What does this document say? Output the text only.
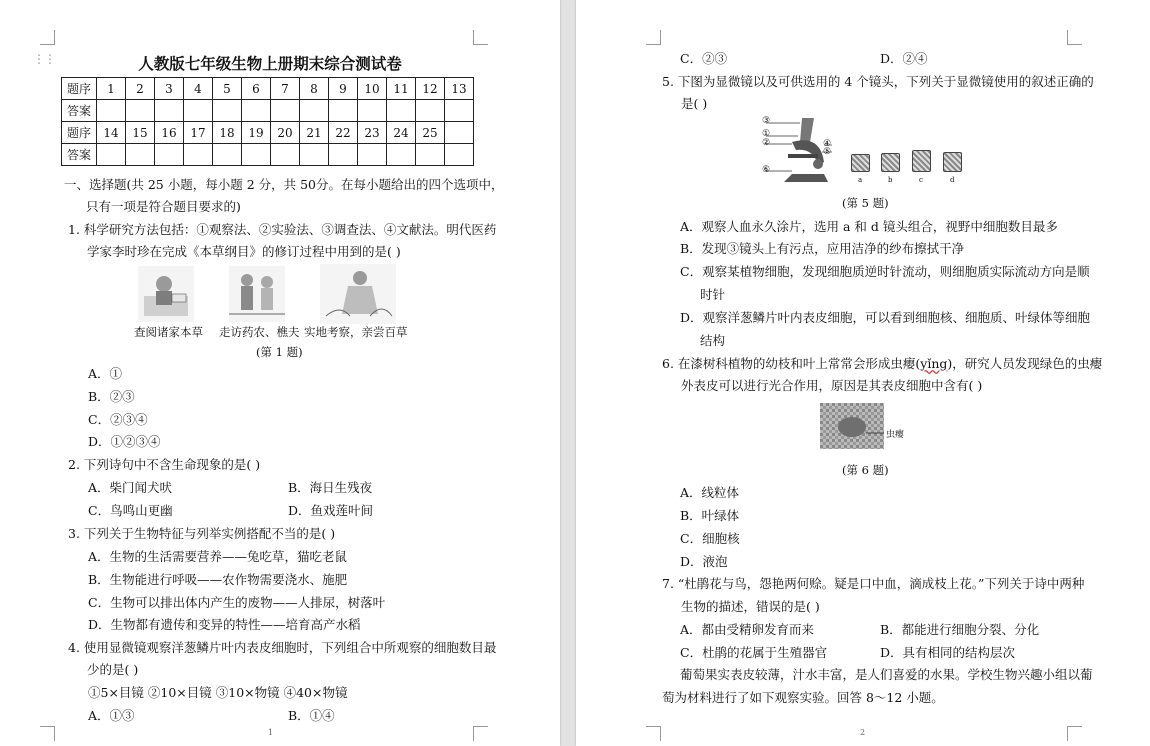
⋮⋮	人教版七年级生物上册期末综合测试卷
题序	1	2	3	4	5	6	7	8	9	10	11	12	13
答案													
题序	14	15	16	17	18	19	20	21	22	23	24	25	
答案													
一、选择题(共 25 小题，每小题 2 分，共 50分。在每小题给出的四个选项中，
只有一项是符合题目要求的)
1. 科学研究方法包括：①观察法、②实验法、③调查法、④文献法。明代医药
学家李时珍在完成《本草纲目》的修订过程中用到的是( )
查阅诸家本草 走访药农、樵夫 实地考察，亲尝百草
(第 1 题)
A．①
B．②③
C．②③④
D．①②③④
2. 下列诗句中不含生命现象的是( )
A．柴门闻犬吠	B．海日生残夜
C．鸟鸣山更幽	D．鱼戏莲叶间
3. 下列关于生物特征与列举实例搭配不当的是( )
A．生物的生活需要营养——兔吃草，猫吃老鼠
B．生物能进行呼吸——农作物需要浇水、施肥
C．生物可以排出体内产生的废物——人排尿，树落叶
D．生物都有遗传和变异的特性——培育高产水稻
4. 使用显微镜观察洋葱鳞片叶内表皮细胞时，下列组合中所观察的细胞数目最
少的是( )
①5×目镜 ②10×目镜 ③10×物镜 ④40×物镜
A．①③	B．①④
1
C．②③	D．②④
5. 下图为显微镜以及可供选用的 4 个镜头，下列关于显微镜使用的叙述正确的
是( )
③
①
②	④
⑤
⑥
a	b	c	d
(第 5 题)
A．观察人血永久涂片，选用 a 和 d 镜头组合，视野中细胞数目最多
B．发现③镜头上有污点，应用洁净的纱布擦拭干净
C．观察某植物细胞，发现细胞质逆时针流动，则细胞质实际流动方向是顺
时针
D．观察洋葱鳞片叶内表皮细胞，可以看到细胞核、细胞质、叶绿体等细胞
结构
6. 在漆树科植物的幼枝和叶上常常会形成虫瘿(yǐng)，研究人员发现绿色的虫瘿
外表皮可以进行光合作用，原因是其表皮细胞中含有( )
虫瘿
(第 6 题)
A．线粒体
B．叶绿体
C．细胞核
D．液泡
7. “杜鹃花与鸟，怨艳两何赊。疑是口中血，滴成枝上花。”下列关于诗中两种
生物的描述，错误的是( )
A．都由受精卵发育而来	B．都能进行细胞分裂、分化
C．杜鹃的花属于生殖器官	D．具有相同的结构层次
葡萄果实表皮较薄，汁水丰富，是人们喜爱的水果。学校生物兴趣小组以葡
萄为材料进行了如下观察实验。回答 8～12 小题。
2
